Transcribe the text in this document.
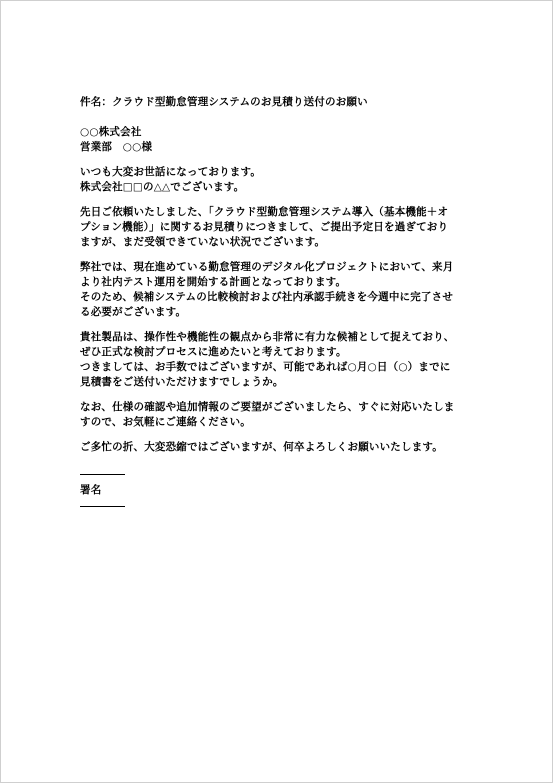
件名：クラウド型勤怠管理システムのお見積り送付のお願い
○○株式会社
営業部　○○様
いつも大変お世話になっております。
株式会社□□の△△でございます。
先日ご依頼いたしました、「クラウド型勤怠管理システム導入（基本機能＋オ
プション機能）」に関するお見積りにつきまして、ご提出予定日を過ぎており
ますが、まだ受領できていない状況でございます。
弊社では、現在進めている勤怠管理のデジタル化プロジェクトにおいて、来月
より社内テスト運用を開始する計画となっております。
そのため、候補システムの比較検討および社内承認手続きを今週中に完了させ
る必要がございます。
貴社製品は、操作性や機能性の観点から非常に有力な候補として捉えており、
ぜひ正式な検討プロセスに進めたいと考えております。
つきましては、お手数ではございますが、可能であれば○月○日（○）までに
見積書をご送付いただけますでしょうか。
なお、仕様の確認や追加情報のご要望がございましたら、すぐに対応いたしま
すので、お気軽にご連絡ください。
ご多忙の折、大変恐縮ではございますが、何卒よろしくお願いいたします。
署名
